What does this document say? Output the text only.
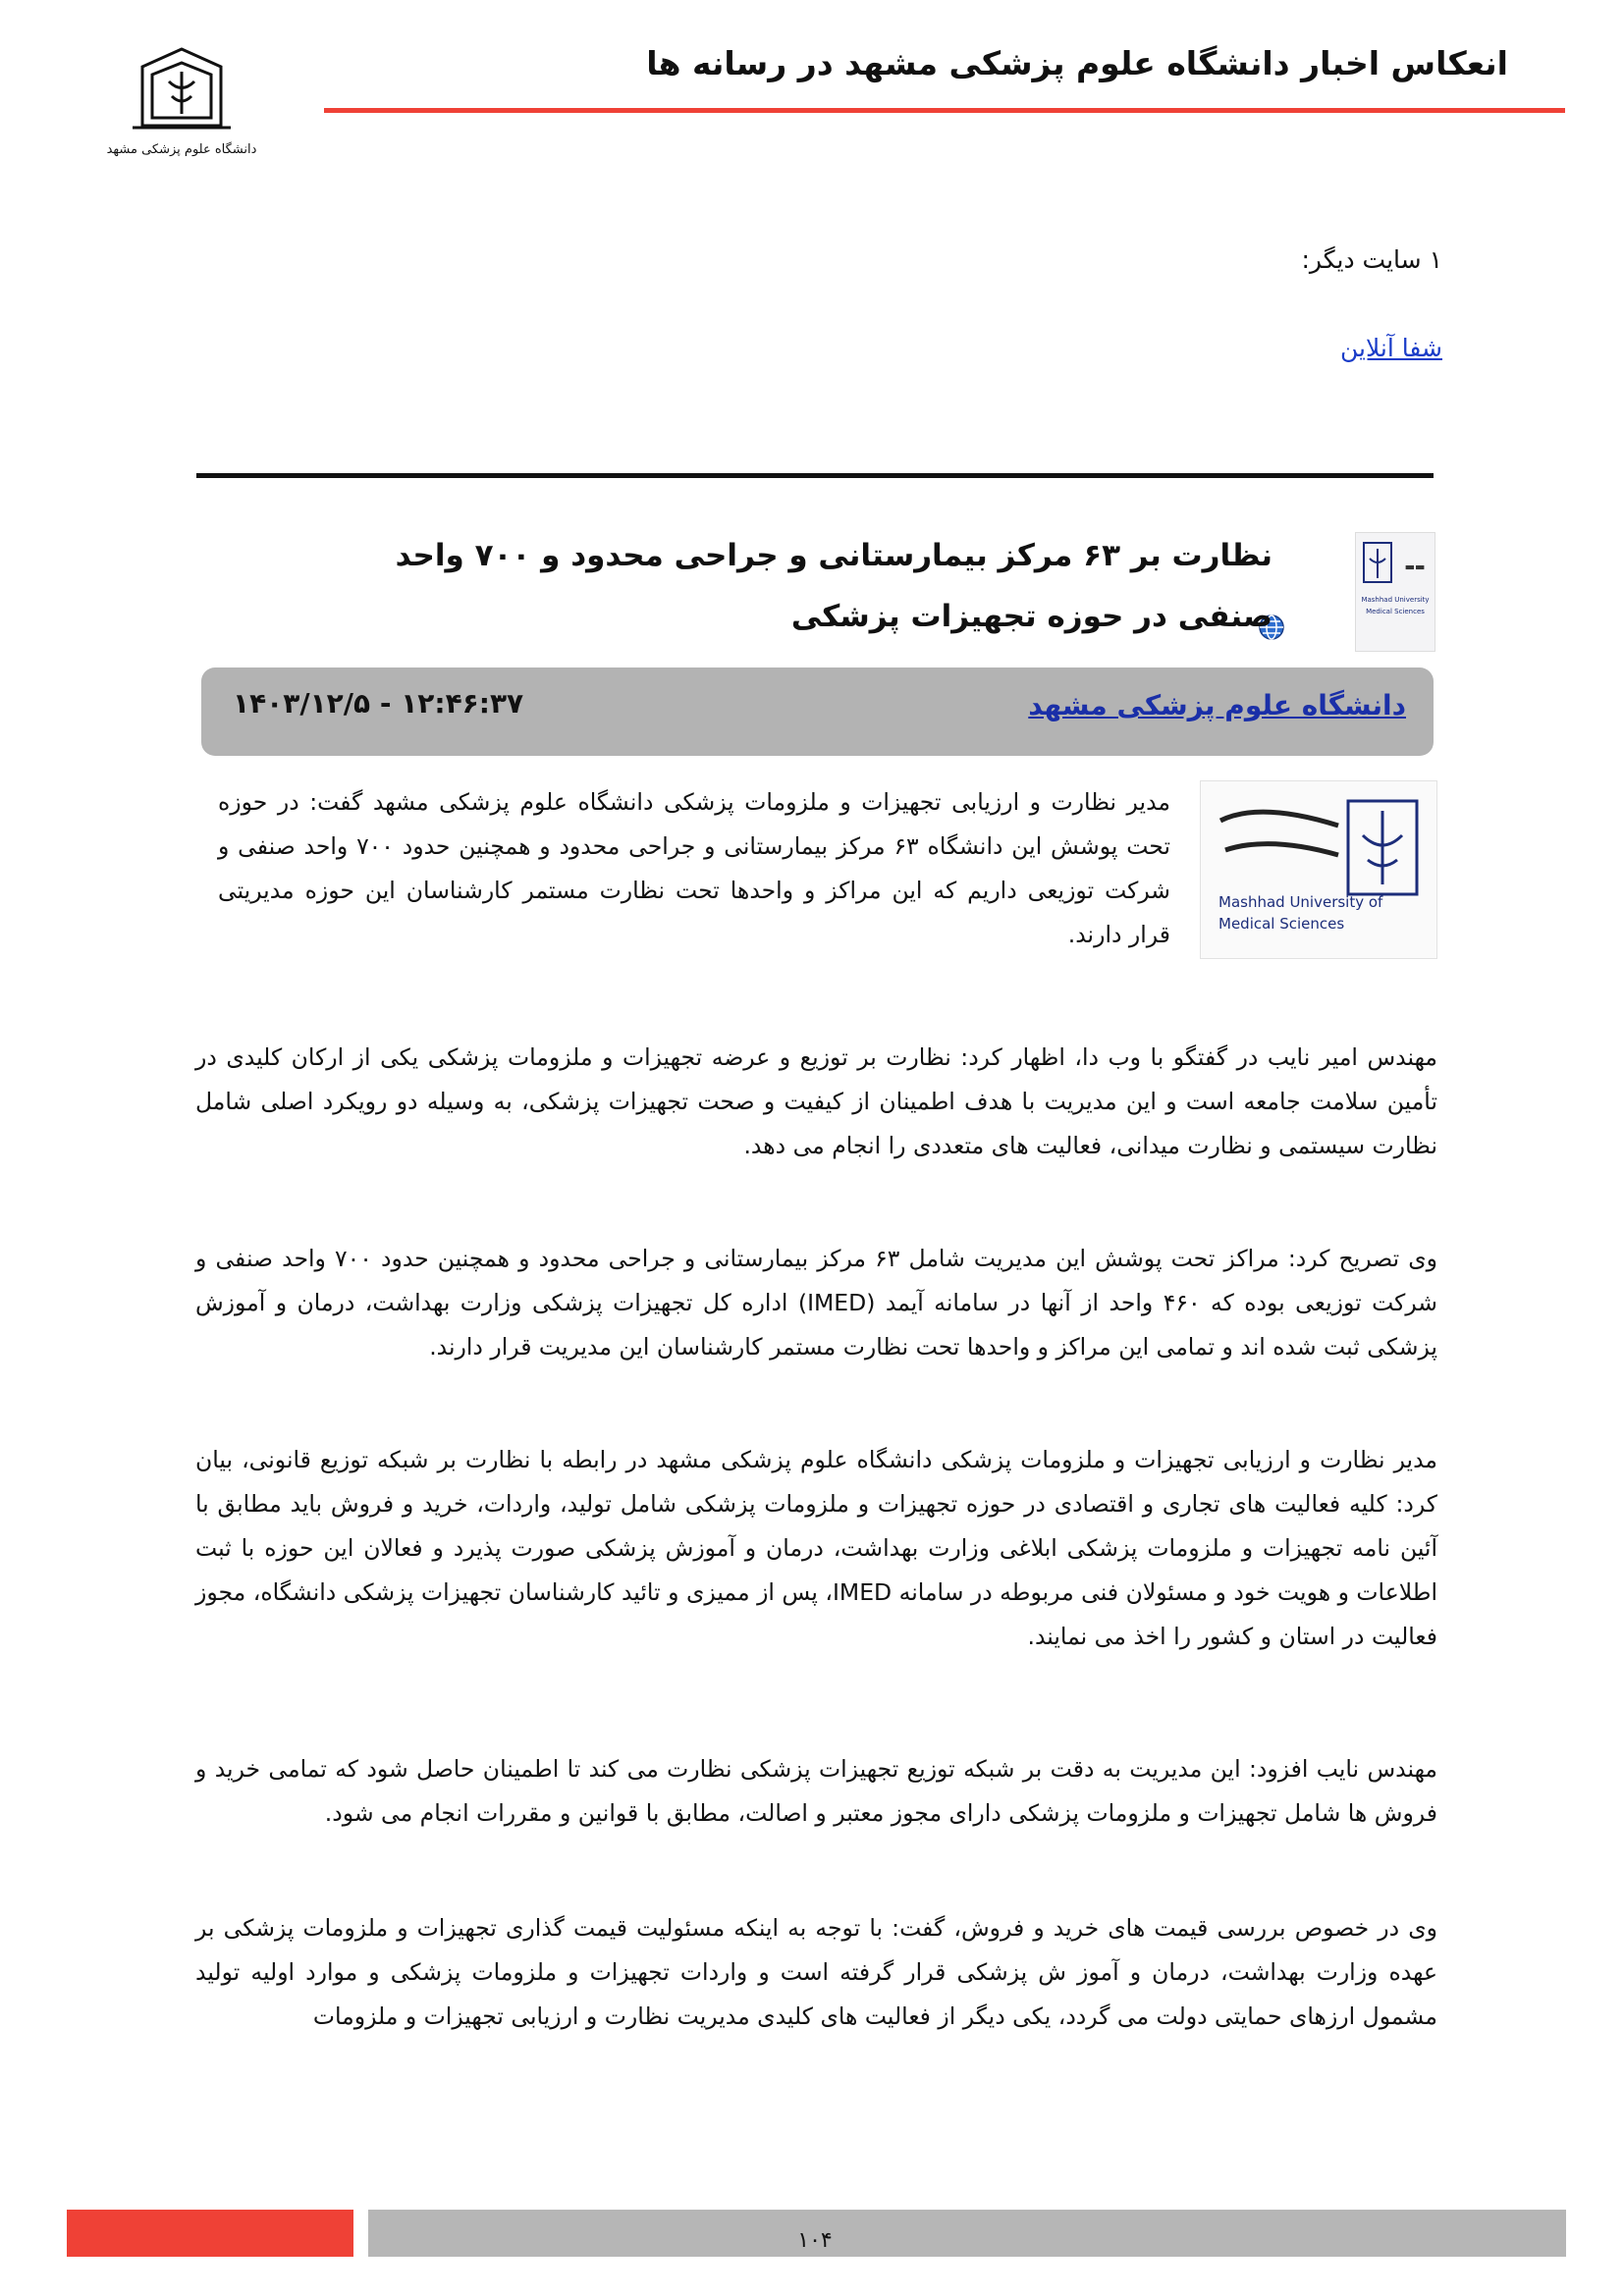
انعکاس اخبار دانشگاه علوم پزشکی مشهد در رسانه ها
دانشگاه علوم پزشکی مشهد
۱ سایت دیگر:
شفا آنلاین
▬▬
Mashhad University
Medical Sciences
نظارت بر ۶۳ مرکز بیمارستانی و جراحی محدود و ۷۰۰ واحد صنفی در حوزه تجهیزات پزشکی
دانشگاه علوم پزشکی مشهد
۱۴۰۳/۱۲/۵ - ۱۲:۴۶:۳۷
Mashhad University of
Medical Sciences
مدیر نظارت و ارزیابی تجهیزات و ملزومات پزشکی دانشگاه علوم پزشکی مشهد گفت: در حوزه تحت پوشش این دانشگاه ۶۳ مرکز بیمارستانی و جراحی محدود و همچنین حدود ۷۰۰ واحد صنفی و شرکت توزیعی داریم که این مراکز و واحدها تحت نظارت مستمر کارشناسان این حوزه مدیریتی قرار دارند.
مهندس امیر نایب در گفتگو با وب دا، اظهار کرد: نظارت بر توزیع و عرضه تجهیزات و ملزومات پزشکی یکی از ارکان کلیدی در تأمین سلامت جامعه است و این مدیریت با هدف اطمینان از کیفیت و صحت تجهیزات پزشکی، به وسیله دو رویکرد اصلی شامل نظارت سیستمی و نظارت میدانی، فعالیت های متعددی را انجام می دهد.
وی تصریح کرد: مراکز تحت پوشش این مدیریت شامل ۶۳ مرکز بیمارستانی و جراحی محدود و همچنین حدود ۷۰۰ واحد صنفی و شرکت توزیعی بوده که ۴۶۰ واحد از آنها در سامانه آیمد (IMED) اداره کل تجهیزات پزشکی وزارت بهداشت، درمان و آموزش پزشکی ثبت شده اند و تمامی این مراکز و واحدها تحت نظارت مستمر کارشناسان این مدیریت قرار دارند.
مدیر نظارت و ارزیابی تجهیزات و ملزومات پزشکی دانشگاه علوم پزشکی مشهد در رابطه با نظارت بر شبکه توزیع قانونی، بیان کرد: کلیه فعالیت های تجاری و اقتصادی در حوزه تجهیزات و ملزومات پزشکی شامل تولید، واردات، خرید و فروش باید مطابق با آئین نامه تجهیزات و ملزومات پزشکی ابلاغی وزارت بهداشت، درمان و آموزش پزشکی صورت پذیرد و فعالان این حوزه با ثبت اطلاعات و هویت خود و مسئولان فنی مربوطه در سامانه IMED، پس از ممیزی و تائید کارشناسان تجهیزات پزشکی دانشگاه، مجوز فعالیت در استان و کشور را اخذ می نمایند.
مهندس نایب افزود: این مدیریت به دقت بر شبکه توزیع تجهیزات پزشکی نظارت می کند تا اطمینان حاصل شود که تمامی خرید و فروش ها شامل تجهیزات و ملزومات پزشکی دارای مجوز معتبر و اصالت، مطابق با قوانین و مقررات انجام می شود.
وی در خصوص بررسی قیمت های خرید و فروش، گفت: با توجه به اینکه مسئولیت قیمت گذاری تجهیزات و ملزومات پزشکی بر عهده وزارت بهداشت، درمان و آموز ش پزشکی قرار گرفته است و واردات تجهیزات و ملزومات پزشکی و موارد اولیه تولید مشمول ارزهای حمایتی دولت می گردد، یکی دیگر از فعالیت های کلیدی مدیریت نظارت و ارزیابی تجهیزات و ملزومات
۱۰۴
